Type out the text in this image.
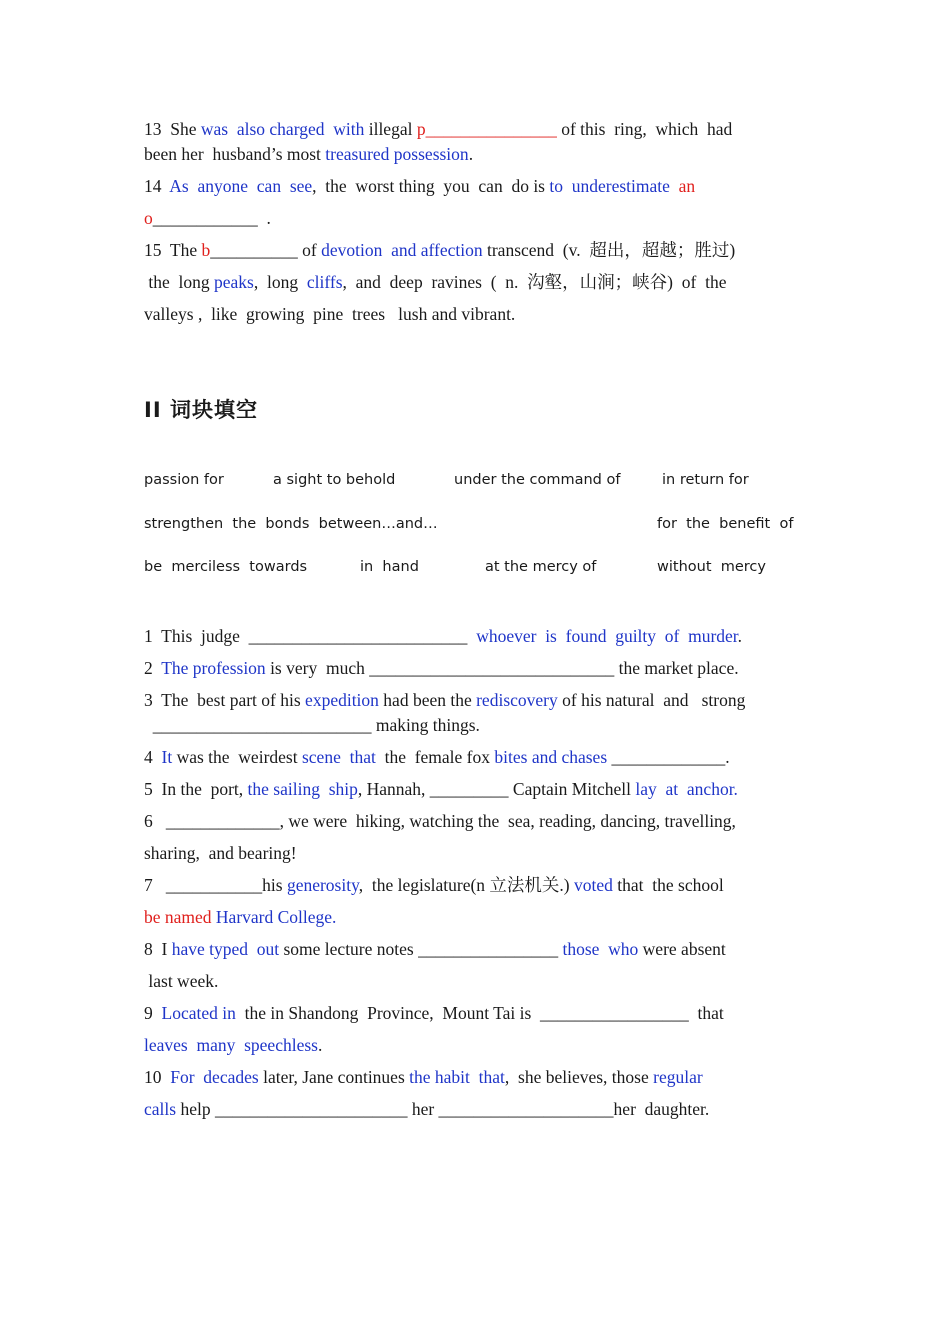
13  She was  also charged  with illegal p_______________ of this  ring,  which  had
been her  husband’s most treasured possession.
14  As  anyone  can  see,  the  worst thing  you  can  do is to  underestimate  an
o____________  .
15  The b__________ of devotion  and affection transcend  (v.  超出，超越；胜过)
the  long peaks,  long  cliffs,  and  deep  ravines  (  n.  沟壑，山涧；峡谷)  of  the
valleys ,  like  growing  pine  trees   lush and vibrant.
II 词块填空
passion for	a sight to behold	under the command of	in return for
strengthen  the  bonds  between…and…	for  the  benefit  of
be  merciless  towards	in  hand	at the mercy of	without  mercy
1  This  judge  _________________________  whoever  is  found  guilty  of  murder.
2  The profession is very  much ____________________________ the market place.
3  The  best part of his expedition had been the rediscovery of his natural  and   strong
_________________________ making things.
4  It was the  weirdest scene  that  the  female fox bites and chases _____________.
5  In the  port, the sailing  ship, Hannah, _________ Captain Mitchell lay  at  anchor.
6   _____________, we were  hiking, watching the  sea, reading, dancing, travelling,
sharing,  and bearing!
7   ___________his generosity,  the legislature(n 立法机关.) voted that  the school
be named Harvard College.
8  I have typed  out some lecture notes ________________ those  who were absent
last week.
9  Located in  the in Shandong  Province,  Mount Tai is  _________________  that
leaves  many  speechless.
10  For  decades later, Jane continues the habit  that,  she believes, those regular
calls help ______________________ her ____________________her  daughter.
